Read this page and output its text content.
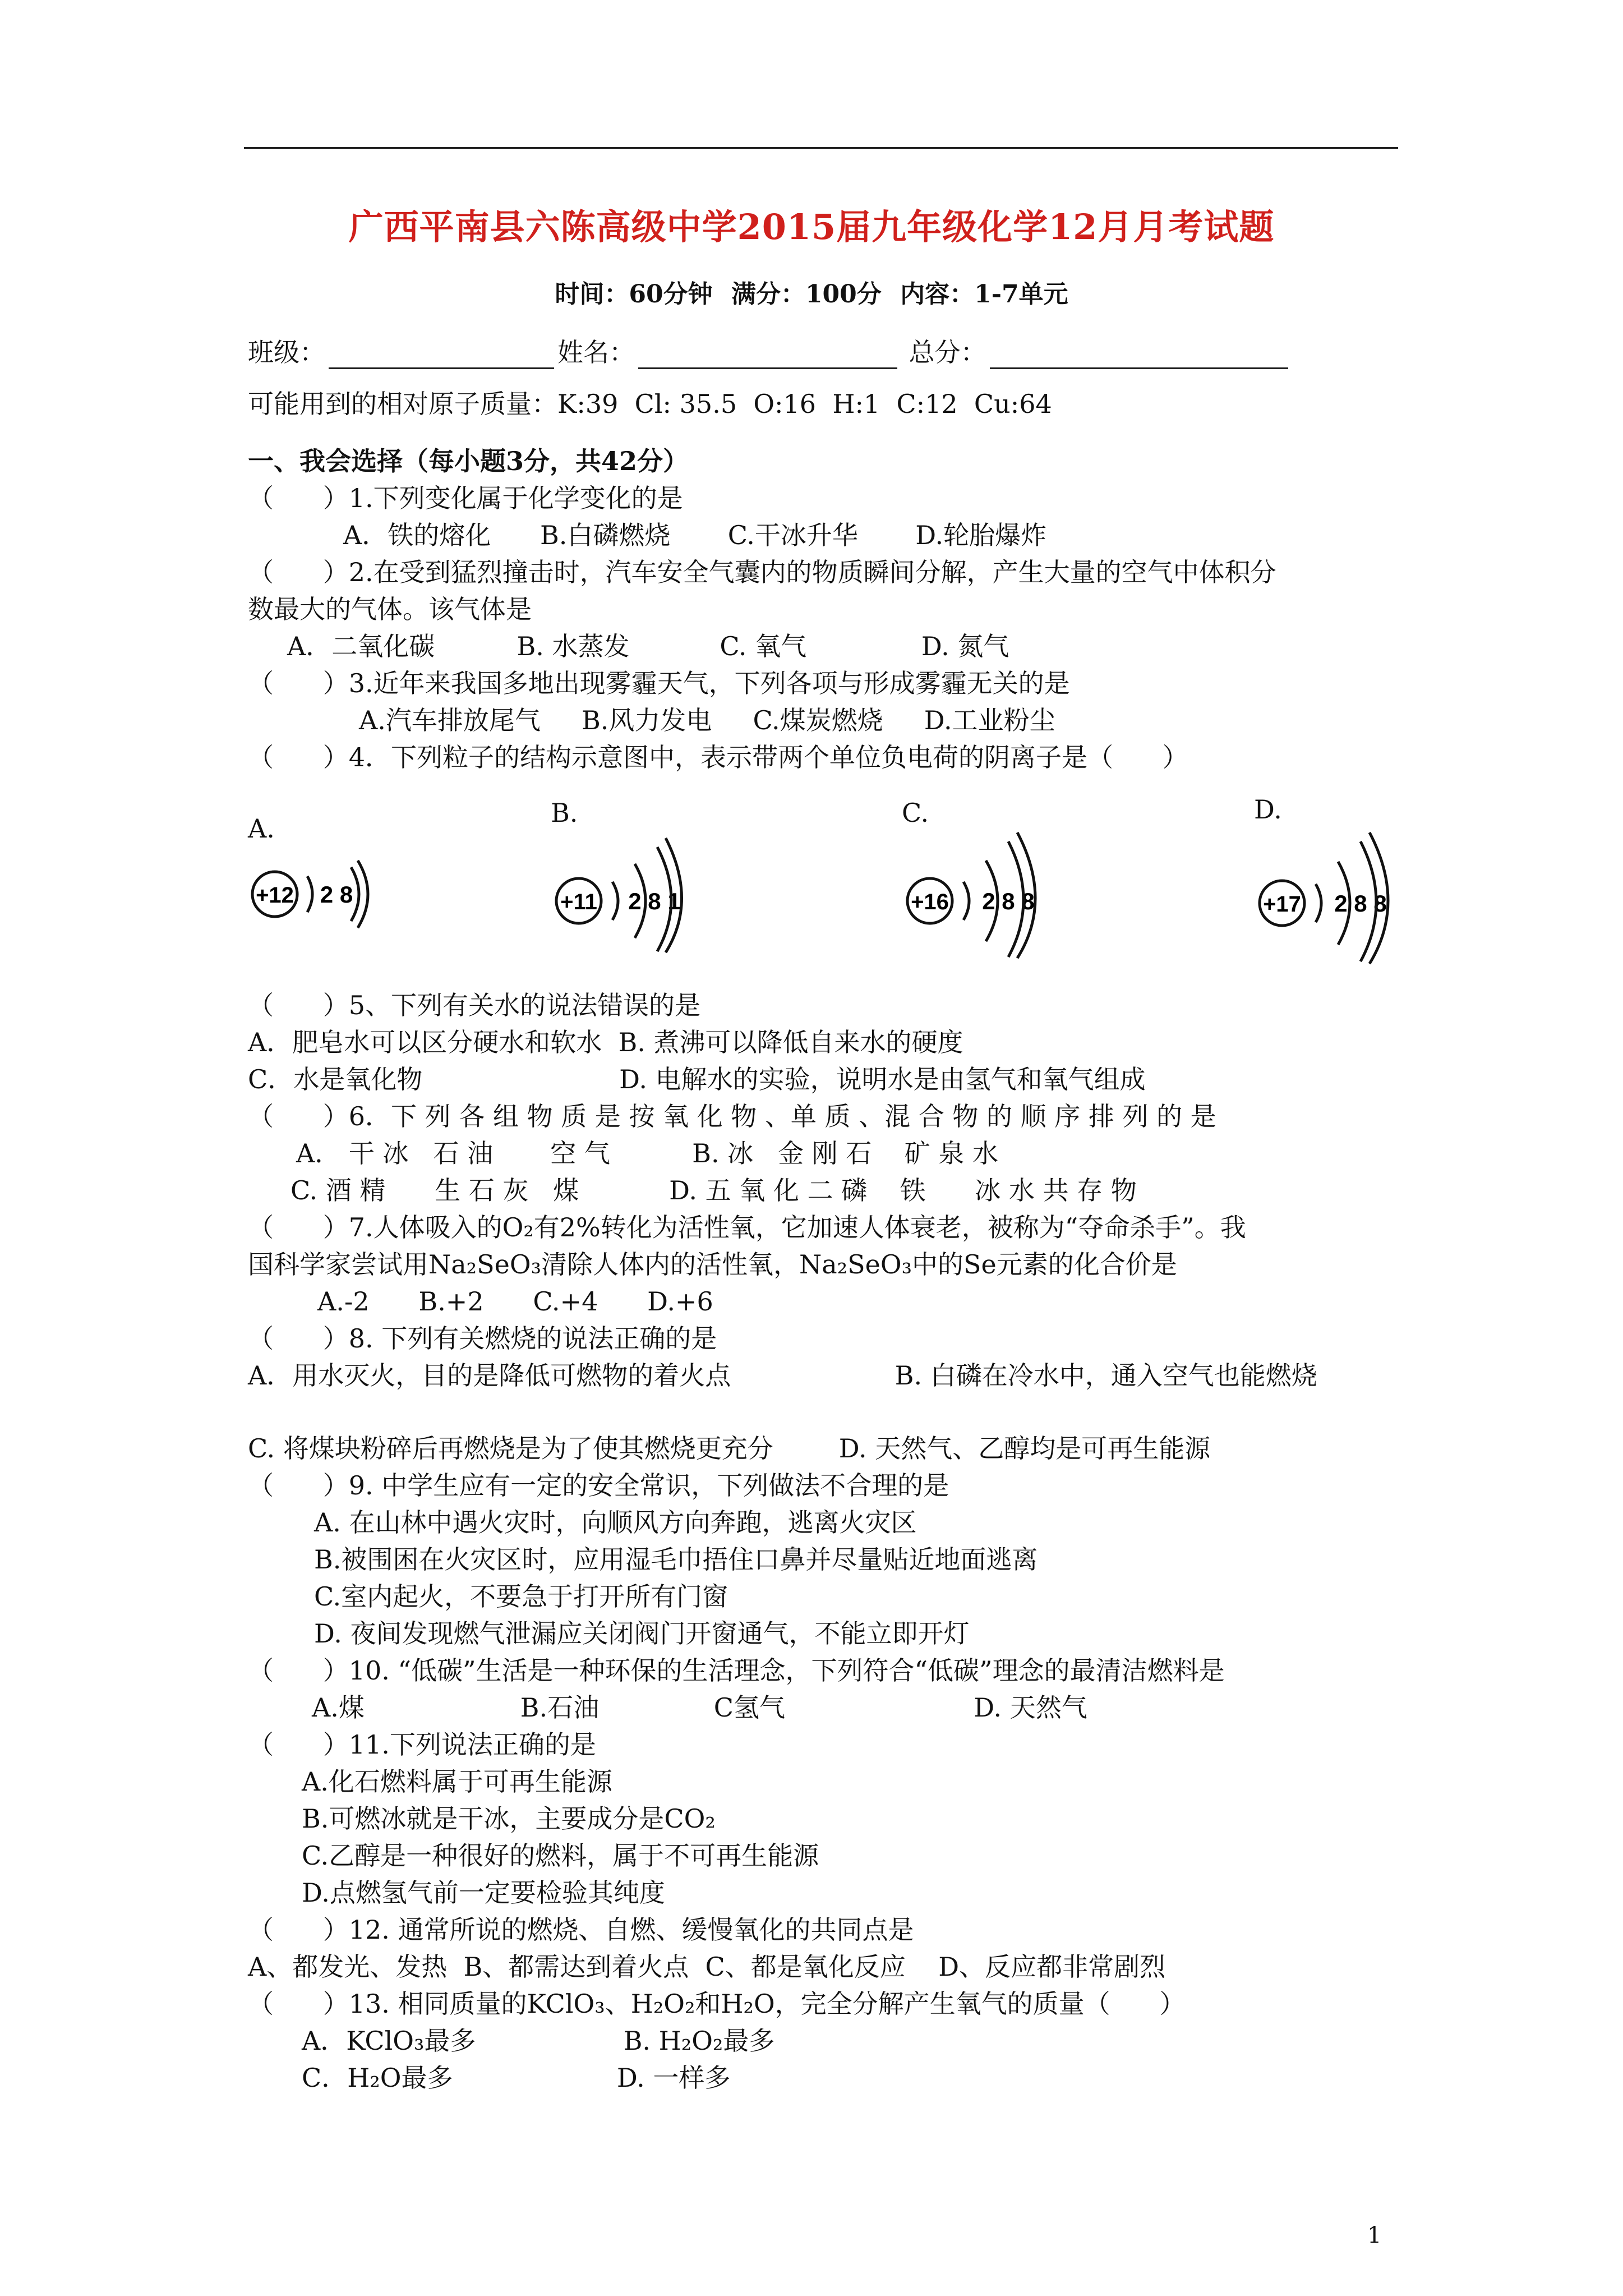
广西平南县六陈高级中学2015届九年级化学12月月考试题
时间：60分钟 满分：100分 内容：1-7单元
班级：	姓名：	总分：
可能用到的相对原子质量：K:39  Cl: 35.5  O:16  H:1  C:12  Cu:64
一、我会选择（每小题3分，共42分）
（      ）1.下列变化属于化学变化的是
A．铁的熔化      B.白磷燃烧       C.干冰升华       D.轮胎爆炸
（      ）2.在受到猛烈撞击时，汽车安全气囊内的物质瞬间分解，产生大量的空气中体积分
数最大的气体。该气体是
A．二氧化碳          B. 水蒸发           C. 氧气              D. 氮气
（      ）3.近年来我国多地出现雾霾天气，下列各项与形成雾霾无关的是
A.汽车排放尾气     B.风力发电     C.煤炭燃烧     D.工业粉尘
（      ）4．下列粒子的结构示意图中，表示带两个单位负电荷的阴离子是（      ）
A.
B.	C.	D.
+12 2 8	+11 2 8 1	+16 2 8 8	+17 2 8 8
（      ）5、下列有关水的说法错误的是
A．肥皂水可以区分硬水和软水  B. 煮沸可以降低自来水的硬度
C．水是氧化物                        D. 电解水的实验，说明水是由氢气和氧气组成
（      ）6．下 列 各 组 物 质 是 按 氧 化 物 、单 质 、混 合 物 的 顺 序 排 列 的 是
A． 干 冰   石 油       空 气          B. 冰   金 刚 石    矿 泉 水
C. 酒 精      生 石 灰   煤           D. 五 氧 化 二 磷    铁      冰 水 共 存 物
（      ）7.人体吸入的O₂有2%转化为活性氧，它加速人体衰老，被称为“夺命杀手”。我
国科学家尝试用Na₂SeO₃清除人体内的活性氧，Na₂SeO₃中的Se元素的化合价是
A.-2      B.+2      C.+4      D.+6
（      ）8. 下列有关燃烧的说法正确的是
A．用水灭火，目的是降低可燃物的着火点                    B. 白磷在冷水中，通入空气也能燃烧
C. 将煤块粉碎后再燃烧是为了使其燃烧更充分        D. 天然气、乙醇均是可再生能源
（      ）9. 中学生应有一定的安全常识，下列做法不合理的是
A. 在山林中遇火灾时，向顺风方向奔跑，逃离火灾区
B.被围困在火灾区时，应用湿毛巾捂住口鼻并尽量贴近地面逃离
C.室内起火，不要急于打开所有门窗
D. 夜间发现燃气泄漏应关闭阀门开窗通气，不能立即开灯
（      ）10. “低碳”生活是一种环保的生活理念，下列符合“低碳”理念的最清洁燃料是
A.煤                   B.石油              C氢气                       D. 天然气
（      ）11.下列说法正确的是
A.化石燃料属于可再生能源
B.可燃冰就是干冰，主要成分是CO₂
C.乙醇是一种很好的燃料，属于不可再生能源
D.点燃氢气前一定要检验其纯度
（      ）12. 通常所说的燃烧、自燃、缓慢氧化的共同点是
A、都发光、发热  B、都需达到着火点  C、都是氧化反应    D、反应都非常剧烈
（      ）13. 相同质量的KClO₃、H₂O₂和H₂O，完全分解产生氧气的质量（      ）
A．KClO₃最多                  B. H₂O₂最多
C．H₂O最多                    D. 一样多
1
